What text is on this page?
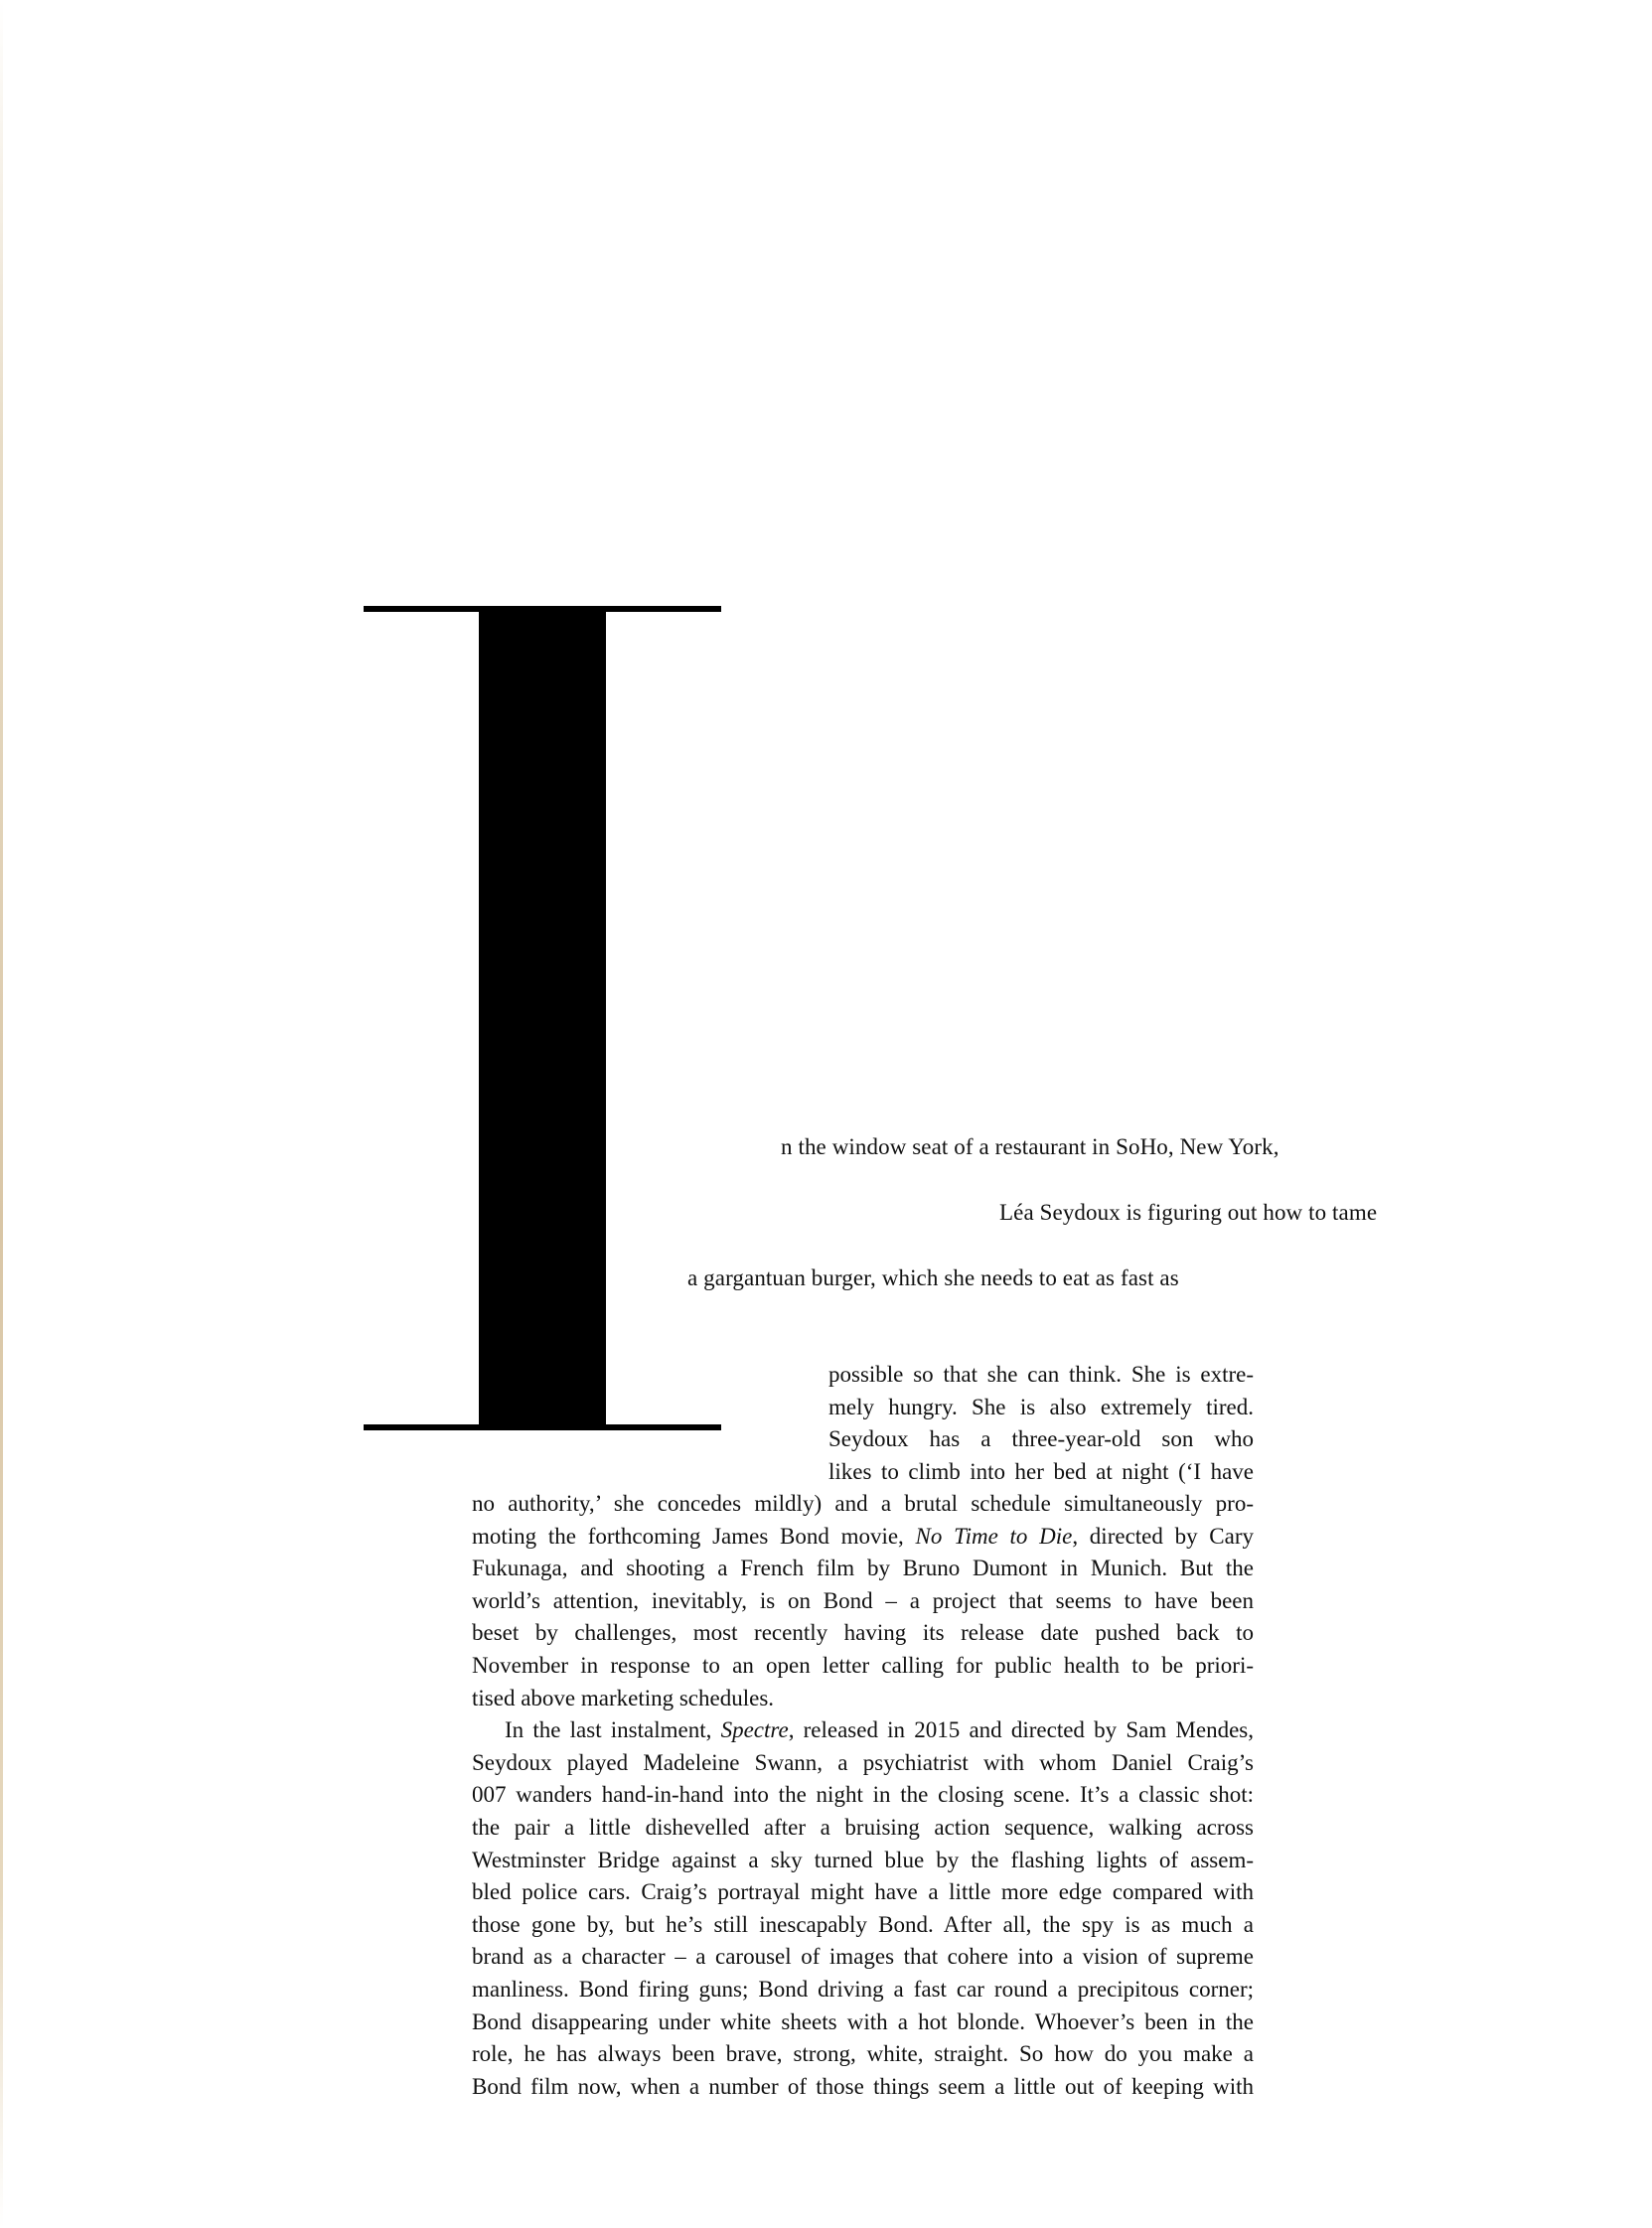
n the window seat of a restaurant in SoHo, New York,
Léa Seydoux is figuring out how to tame
a gargantuan burger, which she needs to eat as fast as
possible so that she can think. She is extre-
mely hungry. She is also extremely tired.
Seydoux has a three-year-old son who
likes to climb into her bed at night (‘I have
no authority,’ she concedes mildly) and a brutal schedule simultaneously pro-
moting the forthcoming James Bond movie, No Time to Die, directed by Cary
Fukunaga, and shooting a French film by Bruno Dumont in Munich. But the
world’s attention, inevitably, is on Bond – a project that seems to have been
beset by challenges, most recently having its release date pushed back to
November in response to an open letter calling for public health to be priori-
tised above marketing schedules.
In the last instalment, Spectre, released in 2015 and directed by Sam Mendes,
Seydoux played Madeleine Swann, a psychiatrist with whom Daniel Craig’s
007 wanders hand-in-hand into the night in the closing scene. It’s a classic shot:
the pair a little dishevelled after a bruising action sequence, walking across
Westminster Bridge against a sky turned blue by the flashing lights of assem-
bled police cars. Craig’s portrayal might have a little more edge compared with
those gone by, but he’s still inescapably Bond. After all, the spy is as much a
brand as a character – a carousel of images that cohere into a vision of supreme
manliness. Bond firing guns; Bond driving a fast car round a precipitous corner;
Bond disappearing under white sheets with a hot blonde. Whoever’s been in the
role, he has always been brave, strong, white, straight. So how do you make a
Bond film now, when a number of those things seem a little out of keeping with
